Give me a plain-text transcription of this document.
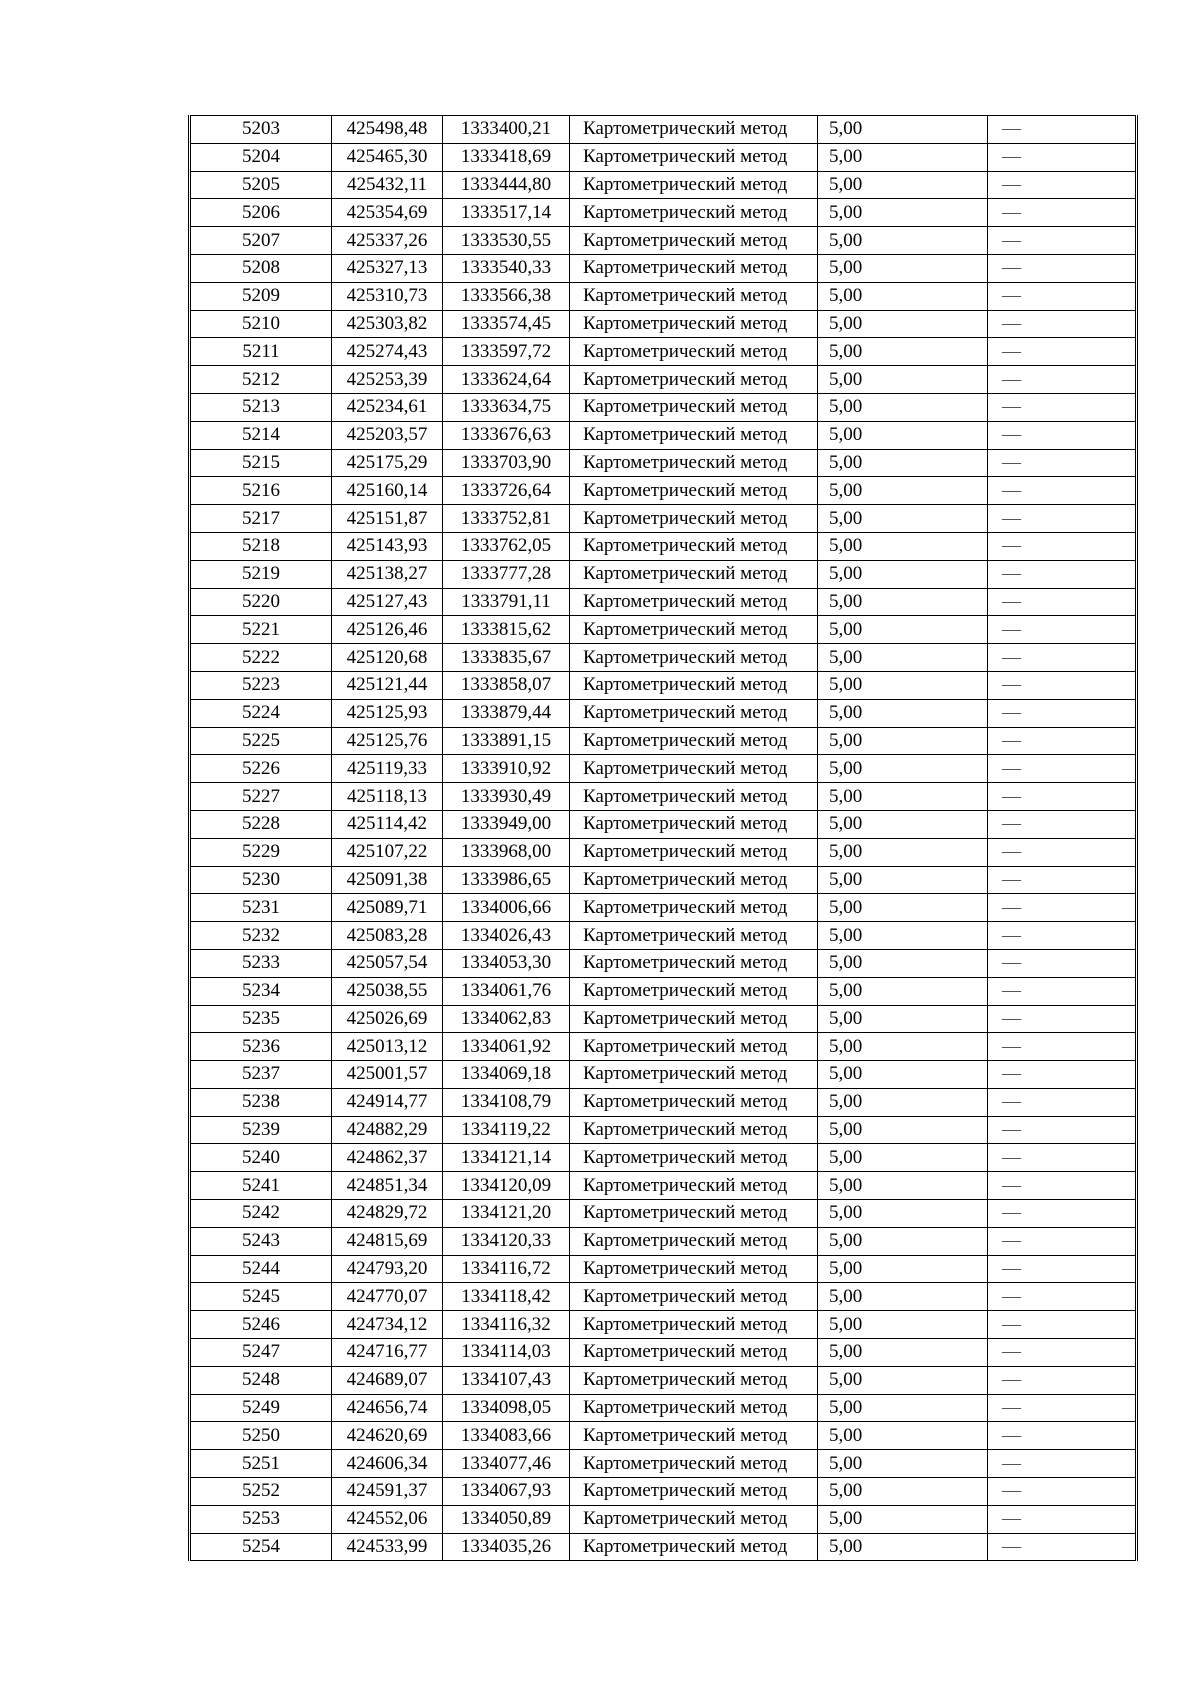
5203	425498,48	1333400,21	Картометрический метод	5,00	—
5204	425465,30	1333418,69	Картометрический метод	5,00	—
5205	425432,11	1333444,80	Картометрический метод	5,00	—
5206	425354,69	1333517,14	Картометрический метод	5,00	—
5207	425337,26	1333530,55	Картометрический метод	5,00	—
5208	425327,13	1333540,33	Картометрический метод	5,00	—
5209	425310,73	1333566,38	Картометрический метод	5,00	—
5210	425303,82	1333574,45	Картометрический метод	5,00	—
5211	425274,43	1333597,72	Картометрический метод	5,00	—
5212	425253,39	1333624,64	Картометрический метод	5,00	—
5213	425234,61	1333634,75	Картометрический метод	5,00	—
5214	425203,57	1333676,63	Картометрический метод	5,00	—
5215	425175,29	1333703,90	Картометрический метод	5,00	—
5216	425160,14	1333726,64	Картометрический метод	5,00	—
5217	425151,87	1333752,81	Картометрический метод	5,00	—
5218	425143,93	1333762,05	Картометрический метод	5,00	—
5219	425138,27	1333777,28	Картометрический метод	5,00	—
5220	425127,43	1333791,11	Картометрический метод	5,00	—
5221	425126,46	1333815,62	Картометрический метод	5,00	—
5222	425120,68	1333835,67	Картометрический метод	5,00	—
5223	425121,44	1333858,07	Картометрический метод	5,00	—
5224	425125,93	1333879,44	Картометрический метод	5,00	—
5225	425125,76	1333891,15	Картометрический метод	5,00	—
5226	425119,33	1333910,92	Картометрический метод	5,00	—
5227	425118,13	1333930,49	Картометрический метод	5,00	—
5228	425114,42	1333949,00	Картометрический метод	5,00	—
5229	425107,22	1333968,00	Картометрический метод	5,00	—
5230	425091,38	1333986,65	Картометрический метод	5,00	—
5231	425089,71	1334006,66	Картометрический метод	5,00	—
5232	425083,28	1334026,43	Картометрический метод	5,00	—
5233	425057,54	1334053,30	Картометрический метод	5,00	—
5234	425038,55	1334061,76	Картометрический метод	5,00	—
5235	425026,69	1334062,83	Картометрический метод	5,00	—
5236	425013,12	1334061,92	Картометрический метод	5,00	—
5237	425001,57	1334069,18	Картометрический метод	5,00	—
5238	424914,77	1334108,79	Картометрический метод	5,00	—
5239	424882,29	1334119,22	Картометрический метод	5,00	—
5240	424862,37	1334121,14	Картометрический метод	5,00	—
5241	424851,34	1334120,09	Картометрический метод	5,00	—
5242	424829,72	1334121,20	Картометрический метод	5,00	—
5243	424815,69	1334120,33	Картометрический метод	5,00	—
5244	424793,20	1334116,72	Картометрический метод	5,00	—
5245	424770,07	1334118,42	Картометрический метод	5,00	—
5246	424734,12	1334116,32	Картометрический метод	5,00	—
5247	424716,77	1334114,03	Картометрический метод	5,00	—
5248	424689,07	1334107,43	Картометрический метод	5,00	—
5249	424656,74	1334098,05	Картометрический метод	5,00	—
5250	424620,69	1334083,66	Картометрический метод	5,00	—
5251	424606,34	1334077,46	Картометрический метод	5,00	—
5252	424591,37	1334067,93	Картометрический метод	5,00	—
5253	424552,06	1334050,89	Картометрический метод	5,00	—
5254	424533,99	1334035,26	Картометрический метод	5,00	—
